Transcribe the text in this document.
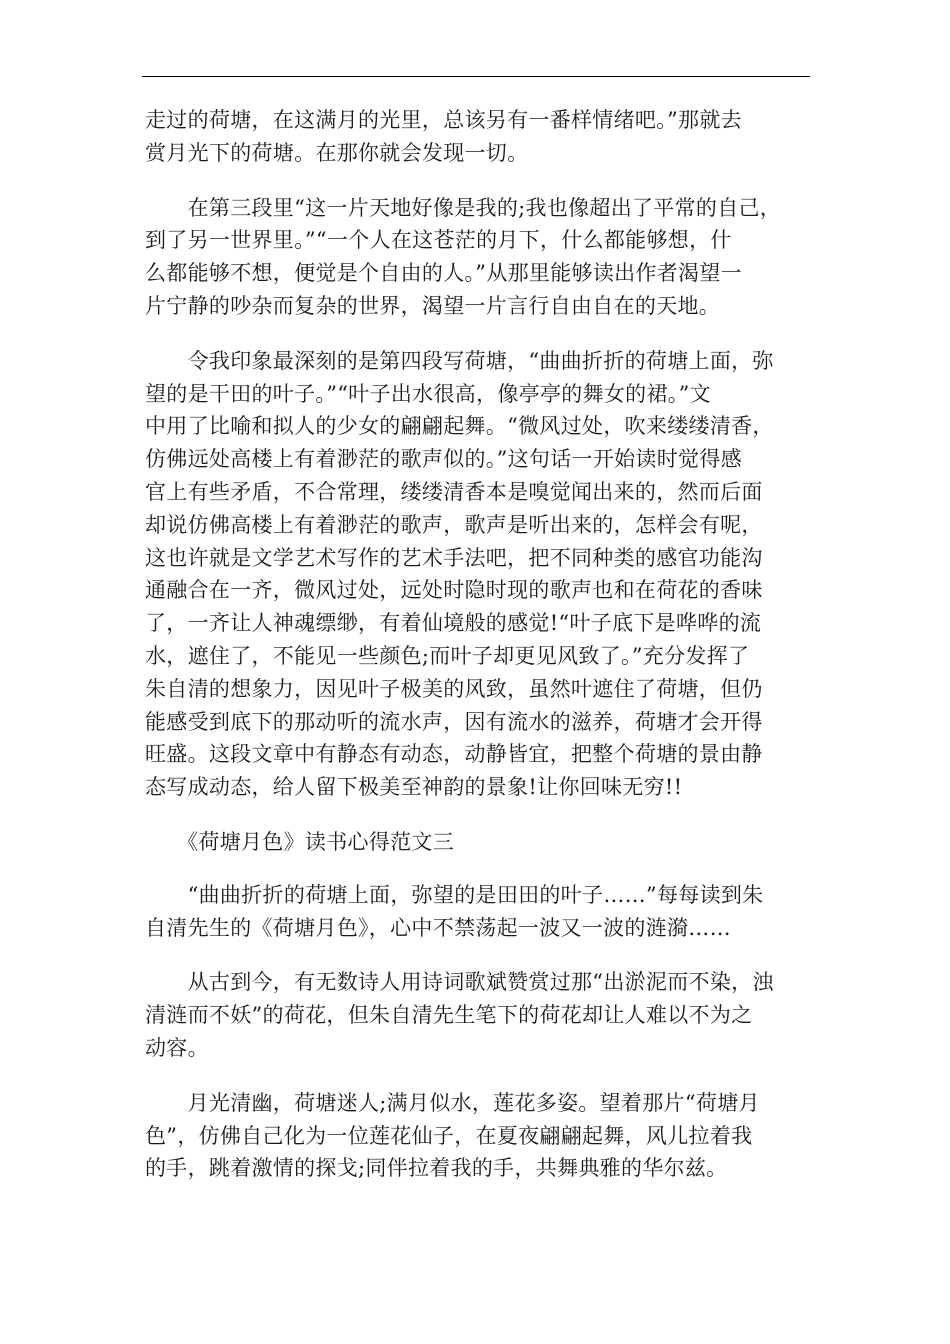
走过的荷塘，在这满月的光里，总该另有一番样情绪吧。”那就去
赏月光下的荷塘。在那你就会发现一切。

　　在第三段里“这一片天地好像是我的;我也像超出了平常的自己，
到了另一世界里。”“一个人在这苍茫的月下，什么都能够想，什
么都能够不想，便觉是个自由的人。”从那里能够读出作者渴望一
片宁静的吵杂而复杂的世界，渴望一片言行自由自在的天地。

　　令我印象最深刻的是第四段写荷塘，“曲曲折折的荷塘上面，弥
望的是干田的叶子。”“叶子出水很高，像亭亭的舞女的裙。”文
中用了比喻和拟人的少女的翩翩起舞。“微风过处，吹来缕缕清香，
仿佛远处高楼上有着渺茫的歌声似的。”这句话一开始读时觉得感
官上有些矛盾，不合常理，缕缕清香本是嗅觉闻出来的，然而后面
却说仿佛高楼上有着渺茫的歌声，歌声是听出来的，怎样会有呢，
这也许就是文学艺术写作的艺术手法吧，把不同种类的感官功能沟
通融合在一齐，微风过处，远处时隐时现的歌声也和在荷花的香味
了，一齐让人神魂缥缈，有着仙境般的感觉!“叶子底下是哗哗的流
水，遮住了，不能见一些颜色;而叶子却更见风致了。”充分发挥了
朱自清的想象力，因见叶子极美的风致，虽然叶遮住了荷塘，但仍
能感受到底下的那动听的流水声，因有流水的滋养，荷塘才会开得
旺盛。这段文章中有静态有动态，动静皆宜，把整个荷塘的景由静
态写成动态，给人留下极美至神韵的景象!让你回味无穷!!

　　《荷塘月色》读书心得范文三

　　“曲曲折折的荷塘上面，弥望的是田田的叶子……”每每读到朱
自清先生的《荷塘月色》，心中不禁荡起一波又一波的涟漪……

　　从古到今，有无数诗人用诗词歌斌赞赏过那“出淤泥而不染，浊
清涟而不妖”的荷花，但朱自清先生笔下的荷花却让人难以不为之
动容。

　　月光清幽，荷塘迷人;满月似水，莲花多姿。望着那片“荷塘月
色”，仿佛自己化为一位莲花仙子，在夏夜翩翩起舞，风儿拉着我
的手，跳着激情的探戈;同伴拉着我的手，共舞典雅的华尔兹。
